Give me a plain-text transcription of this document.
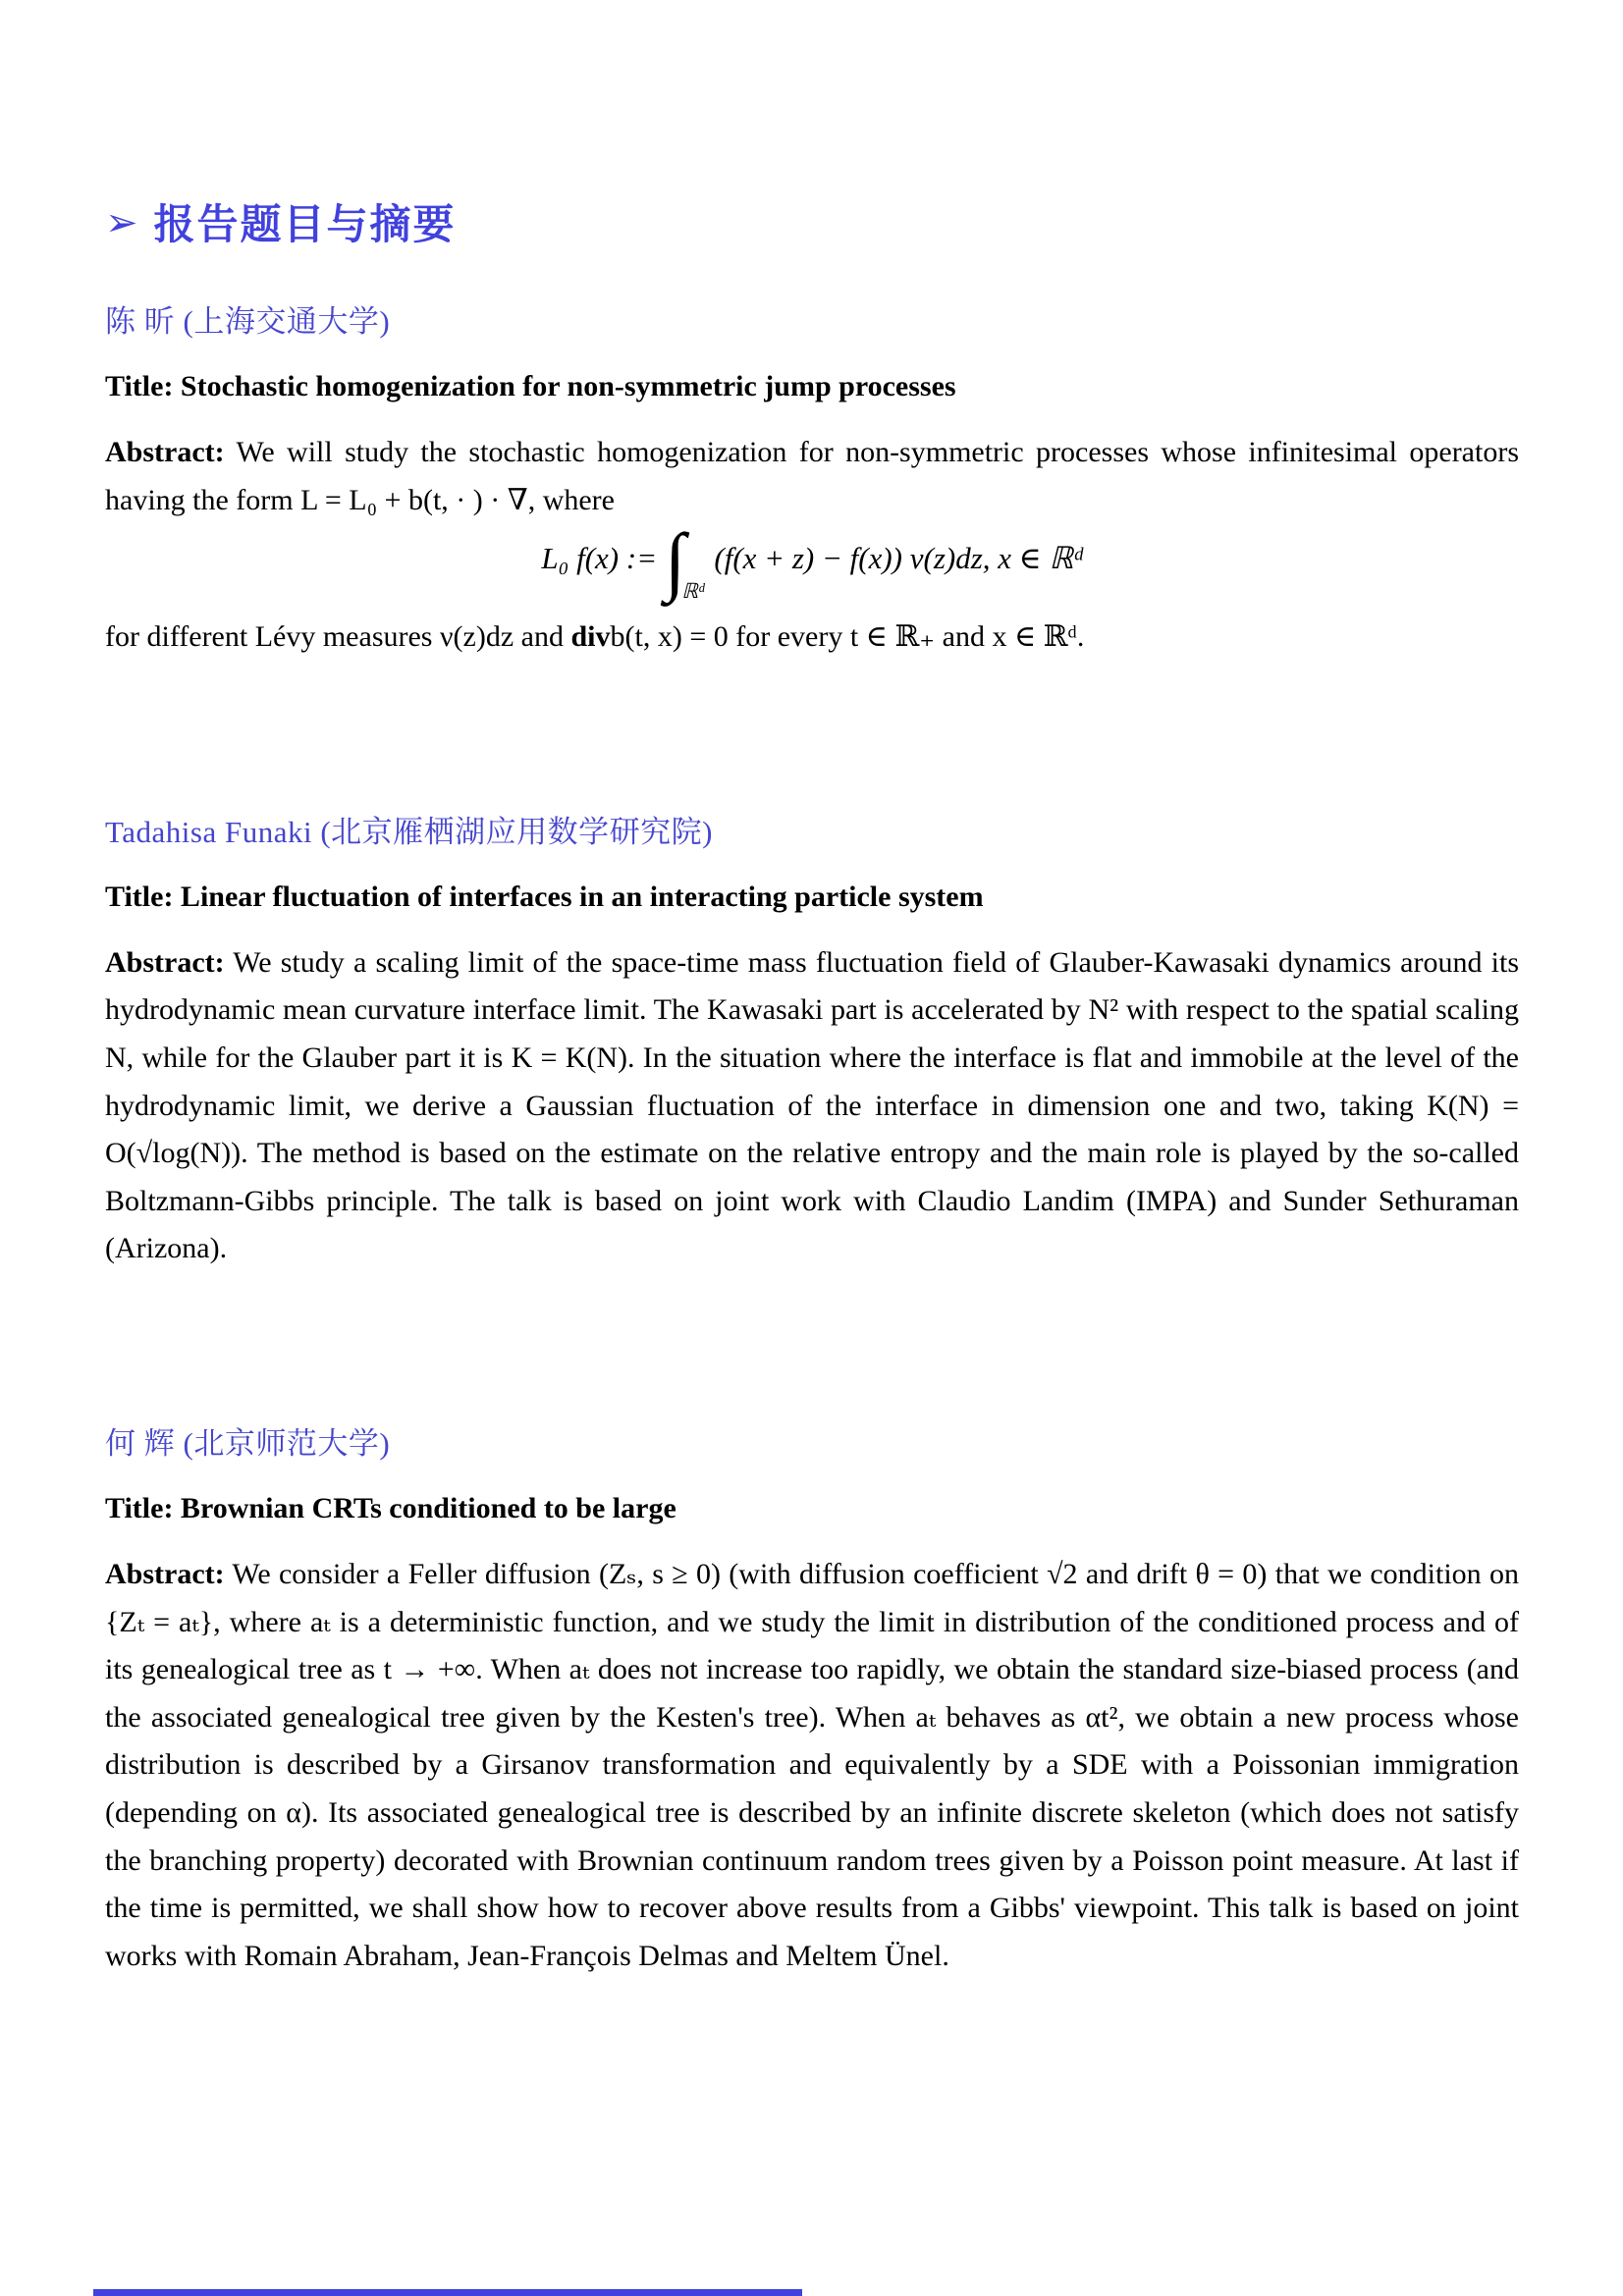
➢ 报告题目与摘要
陈 昕 (上海交通大学)
Title: Stochastic homogenization for non-symmetric jump processes
Abstract: We will study the stochastic homogenization for non-symmetric processes whose infinitesimal operators having the form L = L₀ + b(t, · ) · ∇, where
L₀ f(x) := $\int_{ℝᵈ}(f(x + z) - f(x))$ ν(z)dz, x ∈ ℝᵈ
for different Lévy measures ν(z)dz and divb(t, x) = 0 for every t ∈ ℝ₊ and x ∈ ℝᵈ.
Tadahisa Funaki (北京雁栖湖应用数学研究院)
Title: Linear fluctuation of interfaces in an interacting particle system
Abstract: We study a scaling limit of the space-time mass fluctuation field of Glauber-Kawasaki dynamics around its hydrodynamic mean curvature interface limit. The Kawasaki part is accelerated by N² with respect to the spatial scaling N, while for the Glauber part it is K = K(N). In the situation where the interface is flat and immobile at the level of the hydrodynamic limit, we derive a Gaussian fluctuation of the interface in dimension one and two, taking K(N) = O(√log(N)). The method is based on the estimate on the relative entropy and the main role is played by the so-called Boltzmann-Gibbs principle. The talk is based on joint work with Claudio Landim (IMPA) and Sunder Sethuraman (Arizona).
何 辉 (北京师范大学)
Title: Brownian CRTs conditioned to be large
Abstract: We consider a Feller diffusion (Zₛ, s ≥ 0) (with diffusion coefficient √2 and drift θ = 0) that we condition on {Zₜ = aₜ}, where aₜ is a deterministic function, and we study the limit in distribution of the conditioned process and of its genealogical tree as t → +∞. When aₜ does not increase too rapidly, we obtain the standard size-biased process (and the associated genealogical tree given by the Kesten's tree). When aₜ behaves as αt², we obtain a new process whose distribution is described by a Girsanov transformation and equivalently by a SDE with a Poissonian immigration (depending on α). Its associated genealogical tree is described by an infinite discrete skeleton (which does not satisfy the branching property) decorated with Brownian continuum random trees given by a Poisson point measure. At last if the time is permitted, we shall show how to recover above results from a Gibbs' viewpoint. This talk is based on joint works with Romain Abraham, Jean-François Delmas and Meltem Ünel.
